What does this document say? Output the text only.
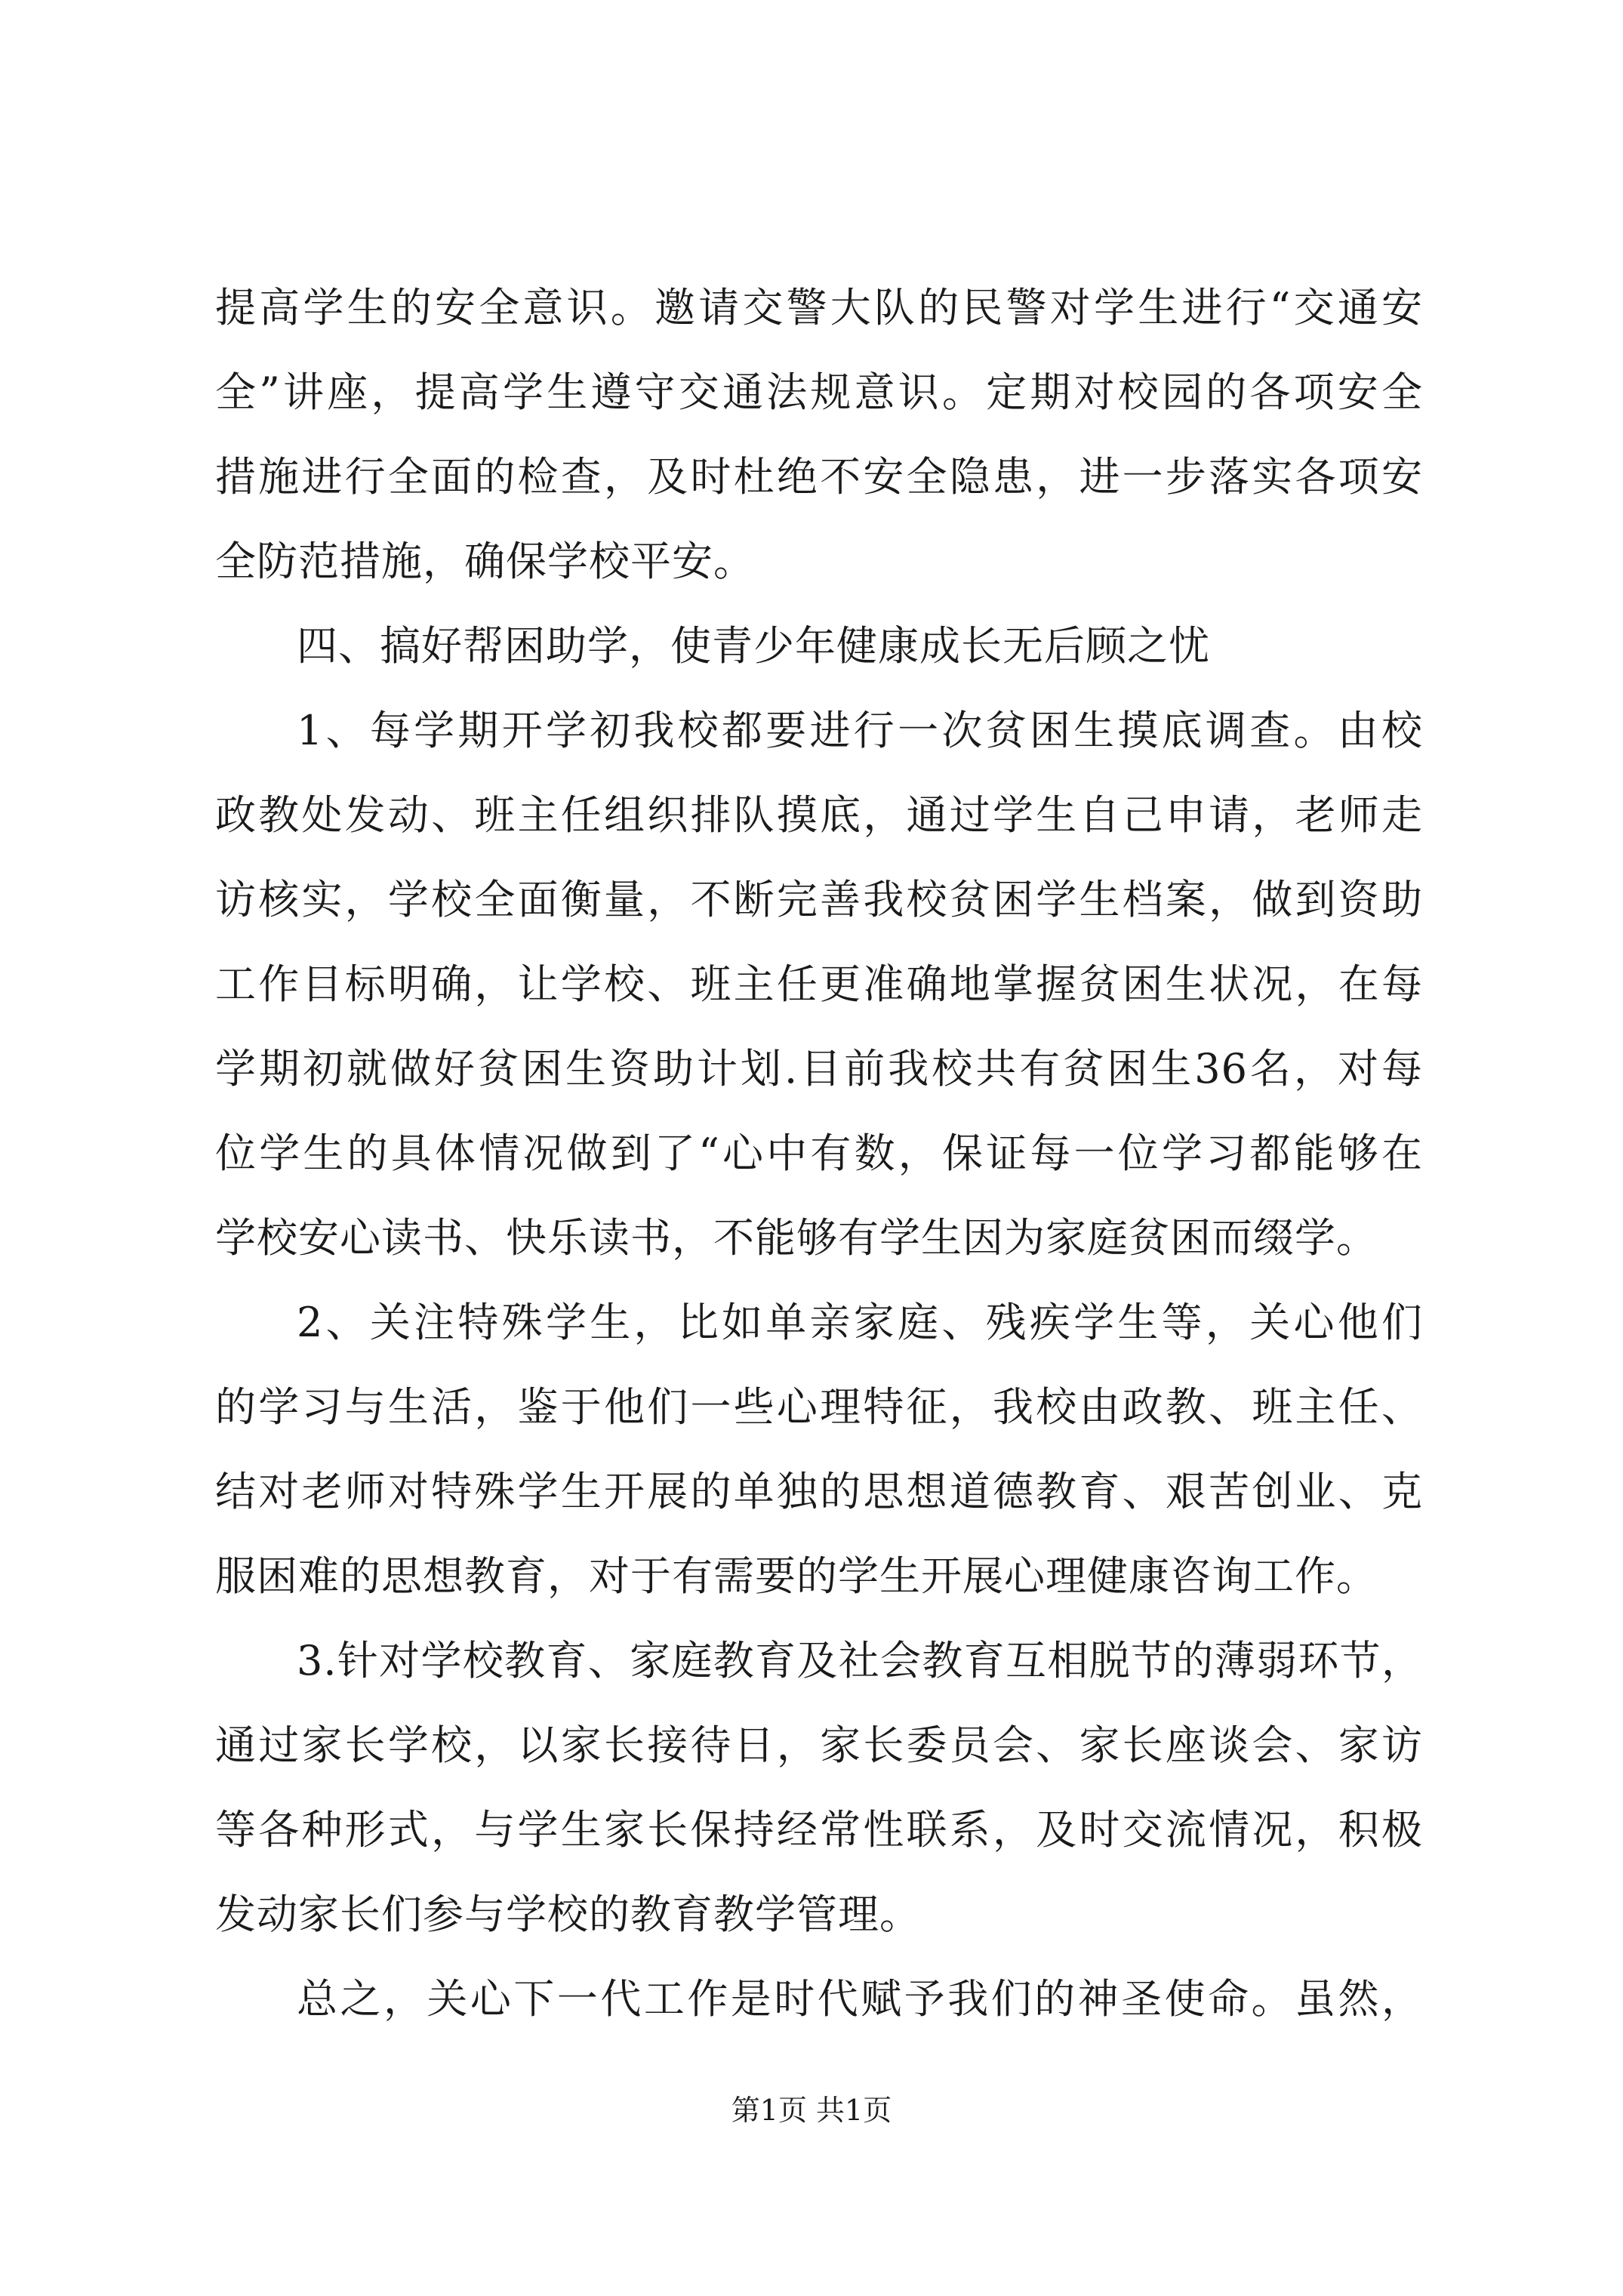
提高学生的安全意识。邀请交警大队的民警对学生进行“交通安
全”讲座，提高学生遵守交通法规意识。定期对校园的各项安全
措施进行全面的检查，及时杜绝不安全隐患，进一步落实各项安
全防范措施，确保学校平安。
四、搞好帮困助学，使青少年健康成长无后顾之忧
1、每学期开学初我校都要进行一次贫困生摸底调查。由校
政教处发动、班主任组织排队摸底，通过学生自己申请，老师走
访核实，学校全面衡量，不断完善我校贫困学生档案，做到资助
工作目标明确，让学校、班主任更准确地掌握贫困生状况，在每
学期初就做好贫困生资助计划.目前我校共有贫困生36名，对每
位学生的具体情况做到了“心中有数，保证每一位学习都能够在
学校安心读书、快乐读书，不能够有学生因为家庭贫困而缀学。
2、关注特殊学生，比如单亲家庭、残疾学生等，关心他们
的学习与生活，鉴于他们一些心理特征，我校由政教、班主任、
结对老师对特殊学生开展的单独的思想道德教育、艰苦创业、克
服困难的思想教育，对于有需要的学生开展心理健康咨询工作。
3.针对学校教育、家庭教育及社会教育互相脱节的薄弱环节，
通过家长学校，以家长接待日，家长委员会、家长座谈会、家访
等各种形式，与学生家长保持经常性联系，及时交流情况，积极
发动家长们参与学校的教育教学管理。
总之，关心下一代工作是时代赋予我们的神圣使命。虽然，
第1页 共1页
